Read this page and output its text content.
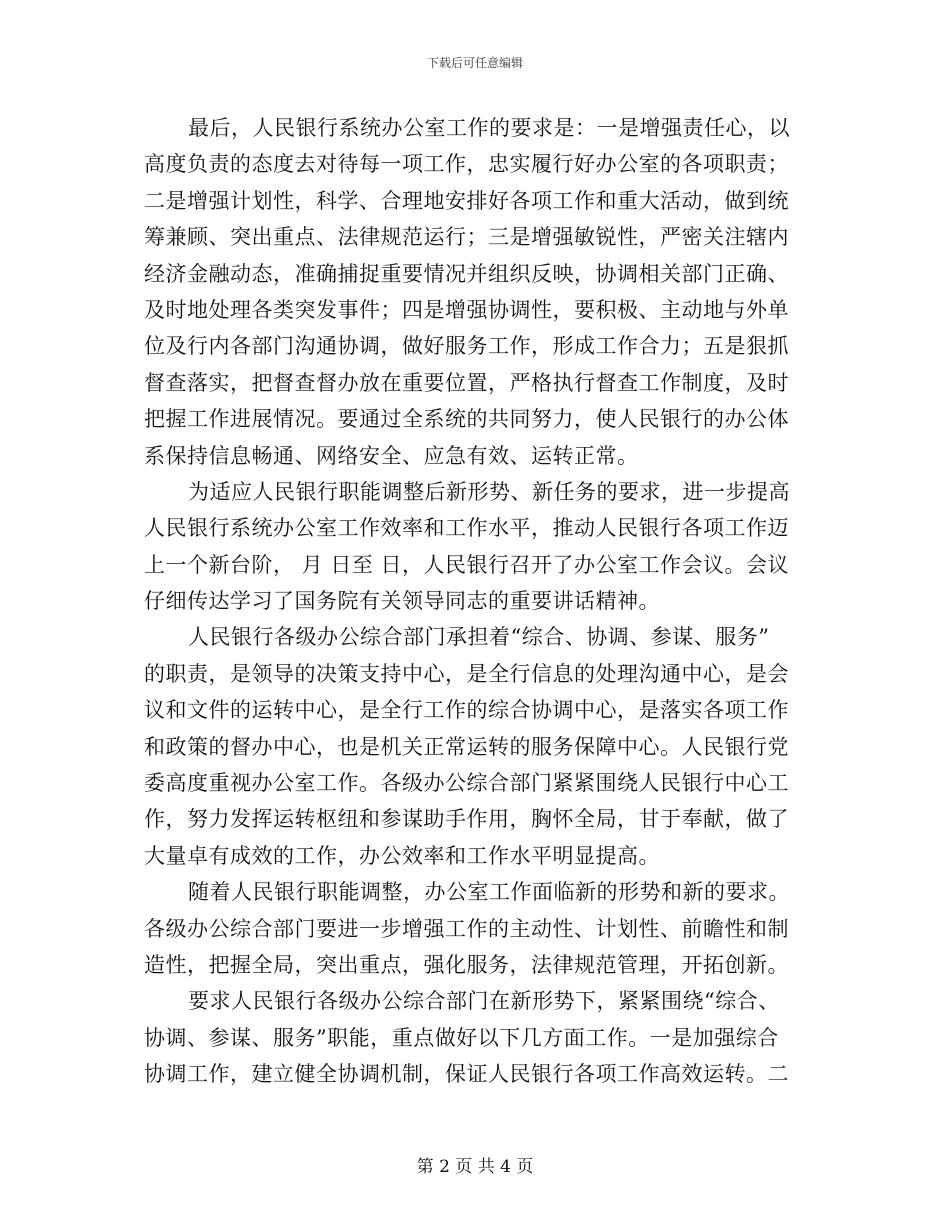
下载后可任意编辑
最后，人民银行系统办公室工作的要求是：一是增强责任心，以
高度负责的态度去对待每一项工作，忠实履行好办公室的各项职责；
二是增强计划性，科学、合理地安排好各项工作和重大活动，做到统
筹兼顾、突出重点、法律规范运行；三是增强敏锐性，严密关注辖内
经济金融动态，准确捕捉重要情况并组织反映，协调相关部门正确、
及时地处理各类突发事件；四是增强协调性，要积极、主动地与外单
位及行内各部门沟通协调，做好服务工作，形成工作合力；五是狠抓
督查落实，把督查督办放在重要位置，严格执行督查工作制度，及时
把握工作进展情况。要通过全系统的共同努力，使人民银行的办公体
系保持信息畅通、网络安全、应急有效、运转正常。
为适应人民银行职能调整后新形势、新任务的要求，进一步提高
人民银行系统办公室工作效率和工作水平，推动人民银行各项工作迈
上一个新台阶， 月 日至 日，人民银行召开了办公室工作会议。会议
仔细传达学习了国务院有关领导同志的重要讲话精神。
人民银行各级办公综合部门承担着“综合、协调、参谋、服务”
的职责，是领导的决策支持中心，是全行信息的处理沟通中心，是会
议和文件的运转中心，是全行工作的综合协调中心，是落实各项工作
和政策的督办中心，也是机关正常运转的服务保障中心。人民银行党
委高度重视办公室工作。各级办公综合部门紧紧围绕人民银行中心工
作，努力发挥运转枢纽和参谋助手作用，胸怀全局，甘于奉献，做了
大量卓有成效的工作，办公效率和工作水平明显提高。
随着人民银行职能调整，办公室工作面临新的形势和新的要求。
各级办公综合部门要进一步增强工作的主动性、计划性、前瞻性和制
造性，把握全局，突出重点，强化服务，法律规范管理，开拓创新。
要求人民银行各级办公综合部门在新形势下，紧紧围绕“综合、
协调、参谋、服务”职能，重点做好以下几方面工作。一是加强综合
协调工作，建立健全协调机制，保证人民银行各项工作高效运转。二
第 2 页 共 4 页
